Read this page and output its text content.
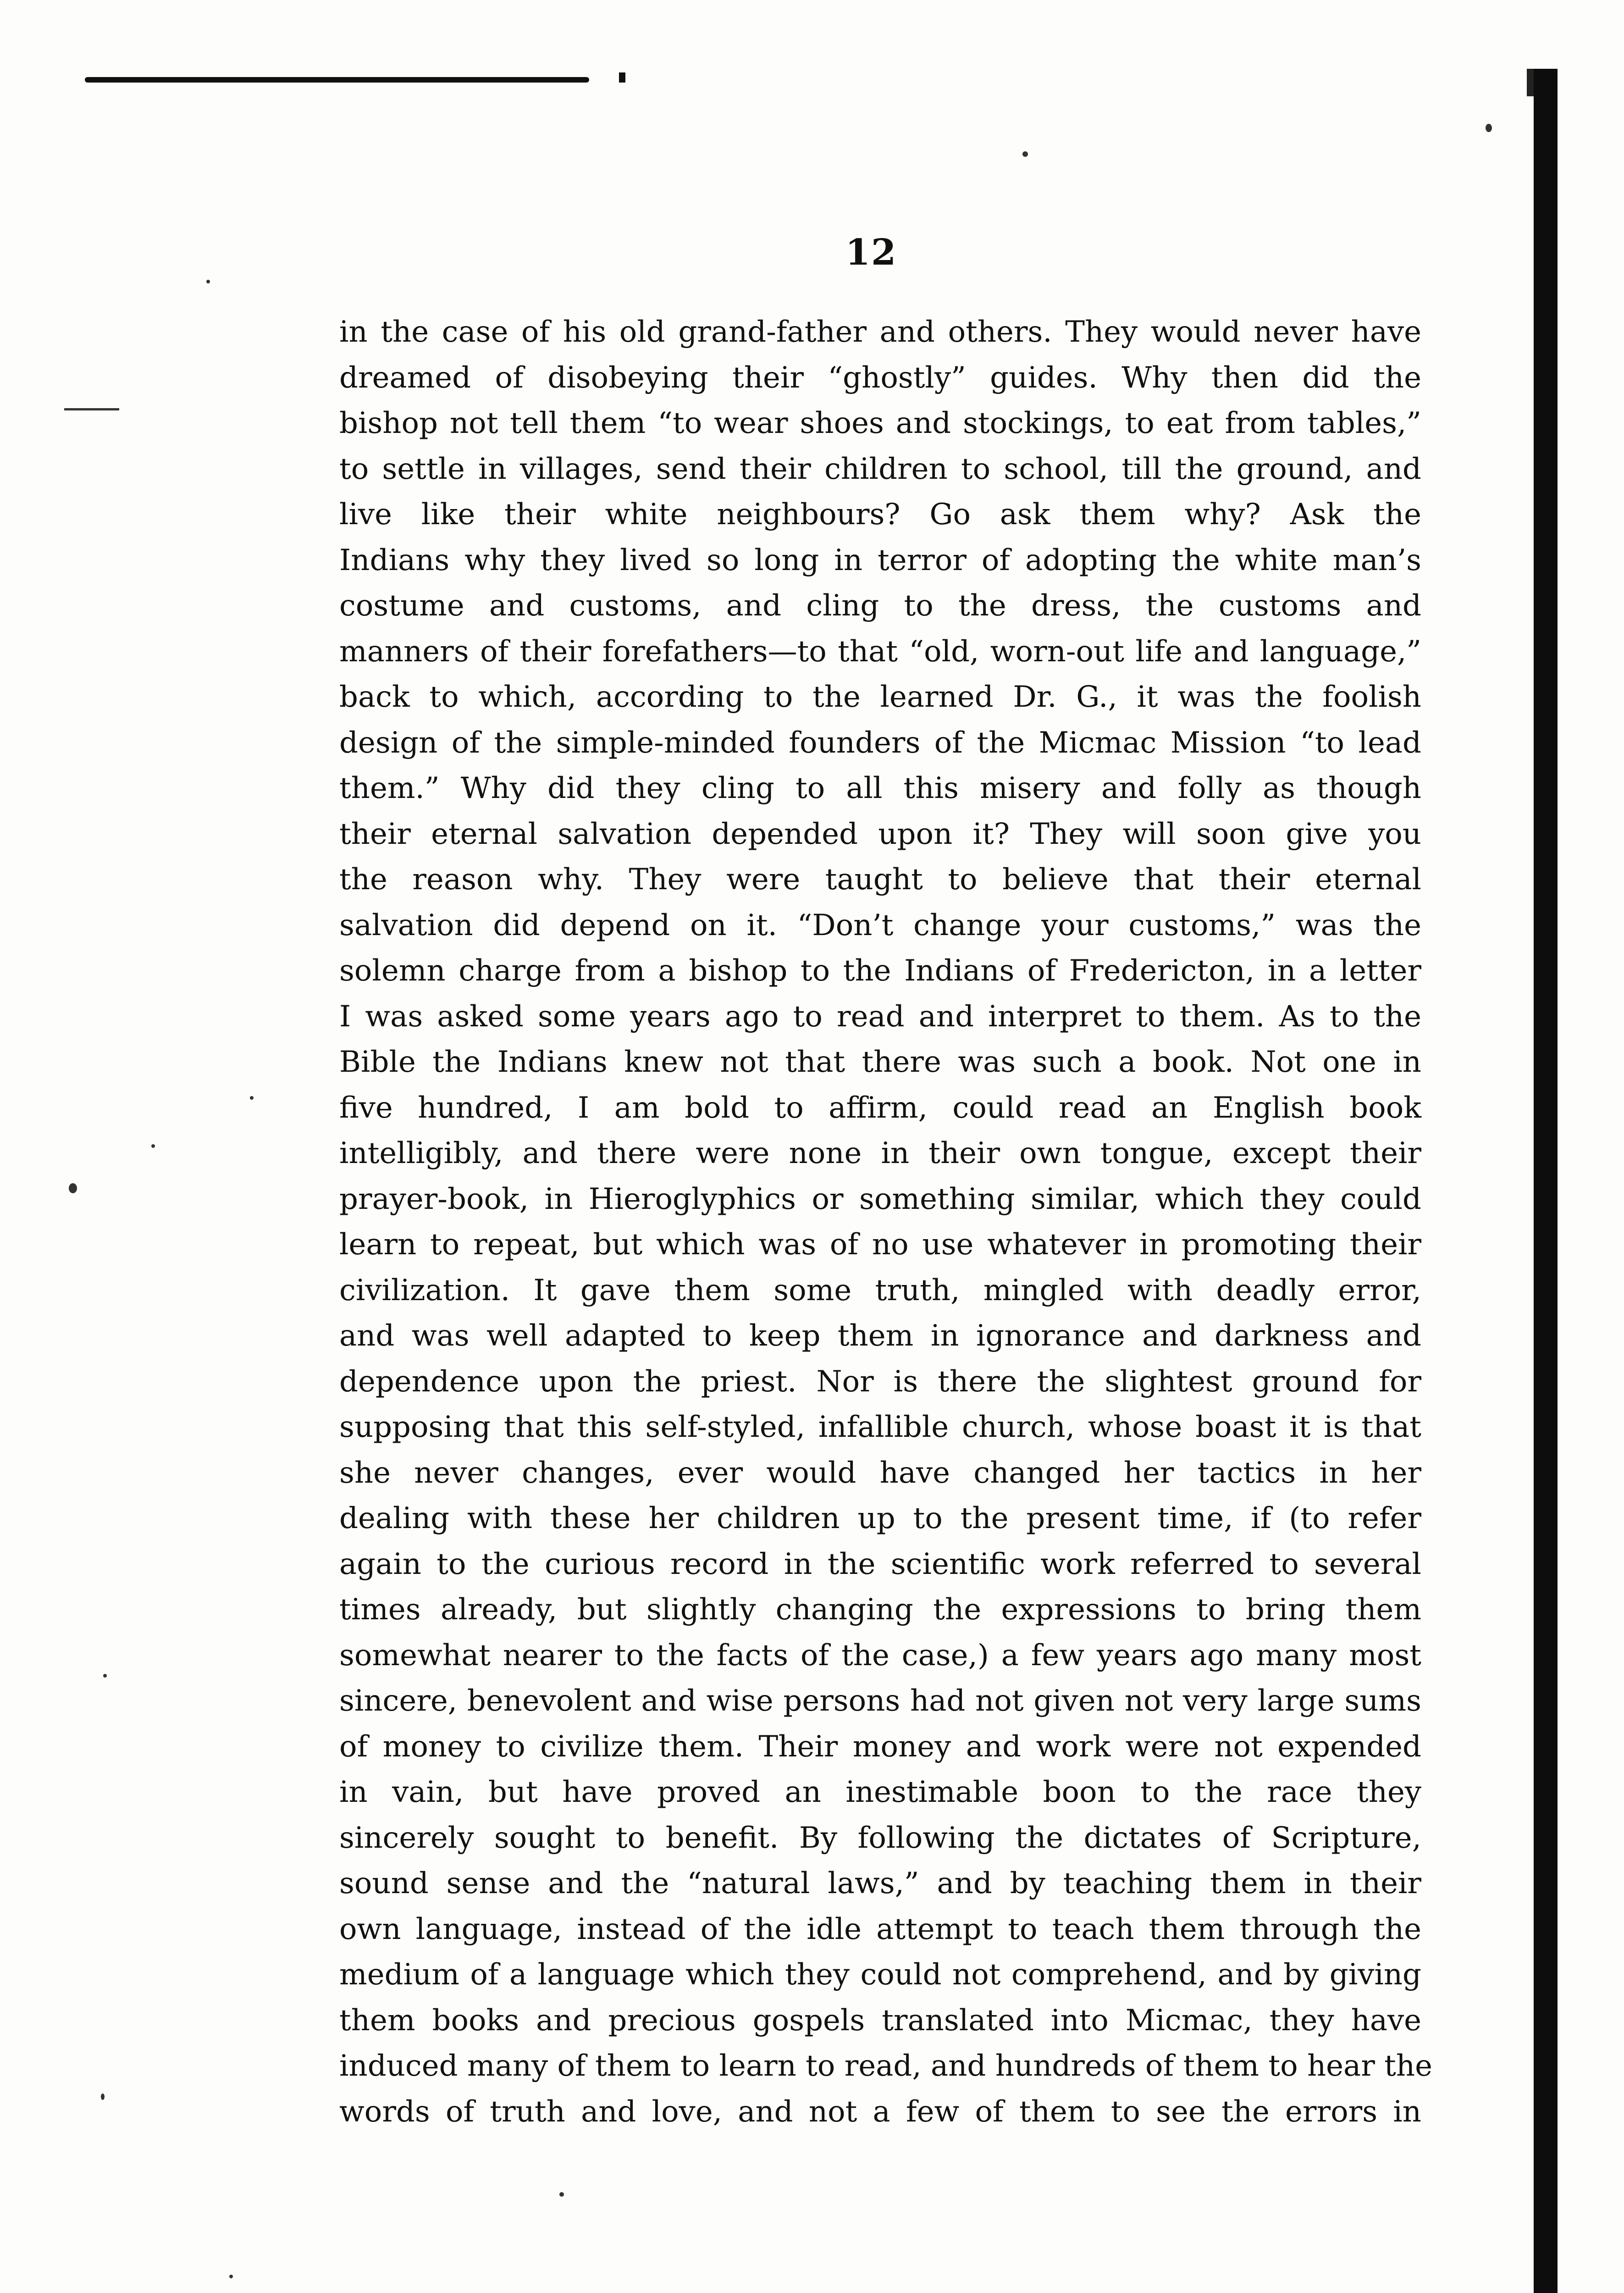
12
in the case of his old grand-father and others. They would never have
dreamed of disobeying their “ghostly” guides. Why then did the
bishop not tell them “to wear shoes and stockings, to eat from tables,”
to settle in villages, send their children to school, till the ground, and
live like their white neighbours? Go ask them why? Ask the
Indians why they lived so long in terror of adopting the white man’s
costume and customs, and cling to the dress, the customs and
manners of their forefathers—to that “old, worn-out life and language,”
back to which, according to the learned Dr. G., it was the foolish
design of the simple-minded founders of the Micmac Mission “to lead
them.” Why did they cling to all this misery and folly as though
their eternal salvation depended upon it? They will soon give you
the reason why. They were taught to believe that their eternal
salvation did depend on it. “Don’t change your customs,” was the
solemn charge from a bishop to the Indians of Fredericton, in a letter
I was asked some years ago to read and interpret to them. As to the
Bible the Indians knew not that there was such a book. Not one in
five hundred, I am bold to affirm, could read an English book
intelligibly, and there were none in their own tongue, except their
prayer-book, in Hieroglyphics or something similar, which they could
learn to repeat, but which was of no use whatever in promoting their
civilization. It gave them some truth, mingled with deadly error,
and was well adapted to keep them in ignorance and darkness and
dependence upon the priest. Nor is there the slightest ground for
supposing that this self-styled, infallible church, whose boast it is that
she never changes, ever would have changed her tactics in her
dealing with these her children up to the present time, if (to refer
again to the curious record in the scientific work referred to several
times already, but slightly changing the expressions to bring them
somewhat nearer to the facts of the case,) a few years ago many most
sincere, benevolent and wise persons had not given not very large sums
of money to civilize them. Their money and work were not expended
in vain, but have proved an inestimable boon to the race they
sincerely sought to benefit. By following the dictates of Scripture,
sound sense and the “natural laws,” and by teaching them in their
own language, instead of the idle attempt to teach them through the
medium of a language which they could not comprehend, and by giving
them books and precious gospels translated into Micmac, they have
induced many of them to learn to read, and hundreds of them to hear the
words of truth and love, and not a few of them to see the errors in
